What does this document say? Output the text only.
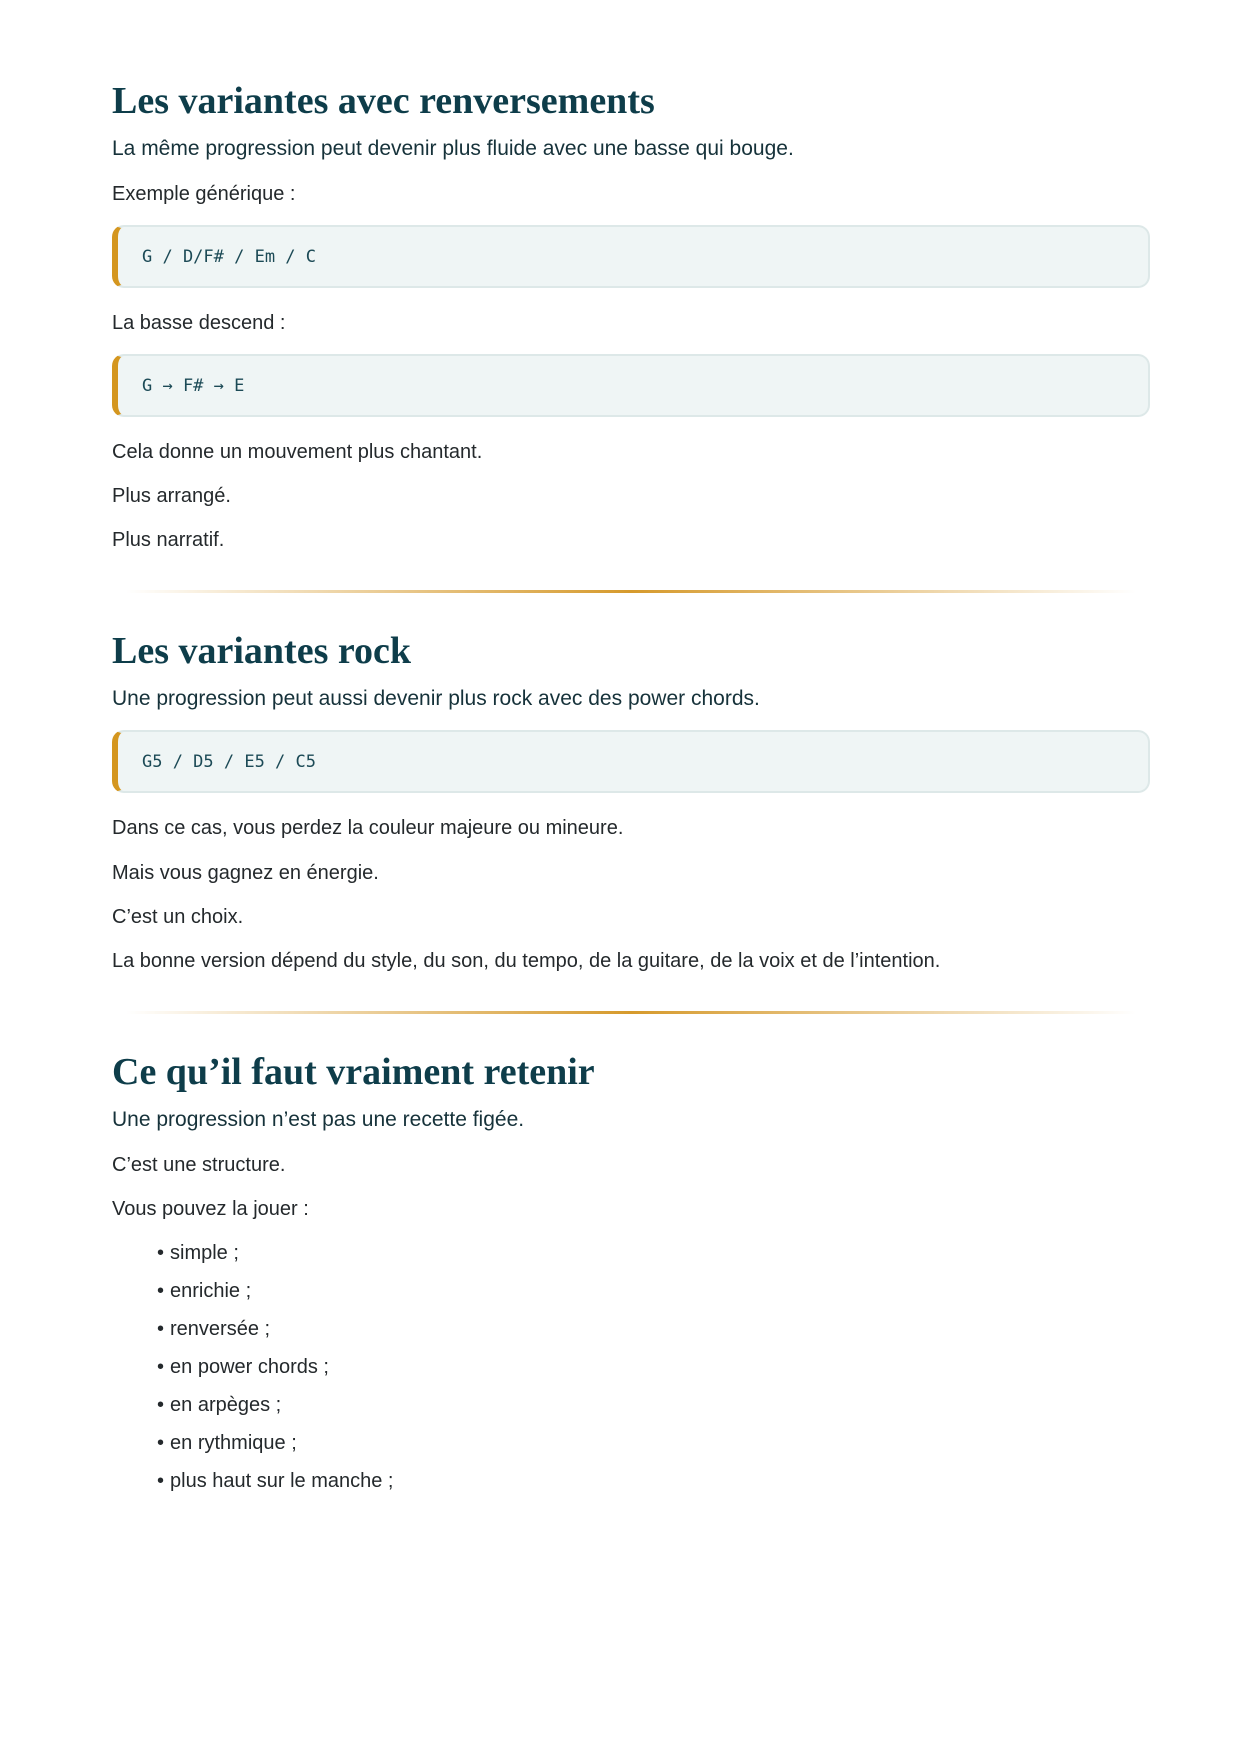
Les variantes avec renversements

La même progression peut devenir plus fluide avec une basse qui bouge.

Exemple générique :

G / D/F# / Em / C

La basse descend :

G → F# → E

Cela donne un mouvement plus chantant.

Plus arrangé.

Plus narratif.

Les variantes rock

Une progression peut aussi devenir plus rock avec des power chords.

G5 / D5 / E5 / C5

Dans ce cas, vous perdez la couleur majeure ou mineure.

Mais vous gagnez en énergie.

C’est un choix.

La bonne version dépend du style, du son, du tempo, de la guitare, de la voix et de l’intention.

Ce qu’il faut vraiment retenir

Une progression n’est pas une recette figée.

C’est une structure.

Vous pouvez la jouer :

• simple ;
• enrichie ;
• renversée ;
• en power chords ;
• en arpèges ;
• en rythmique ;
• plus haut sur le manche ;
